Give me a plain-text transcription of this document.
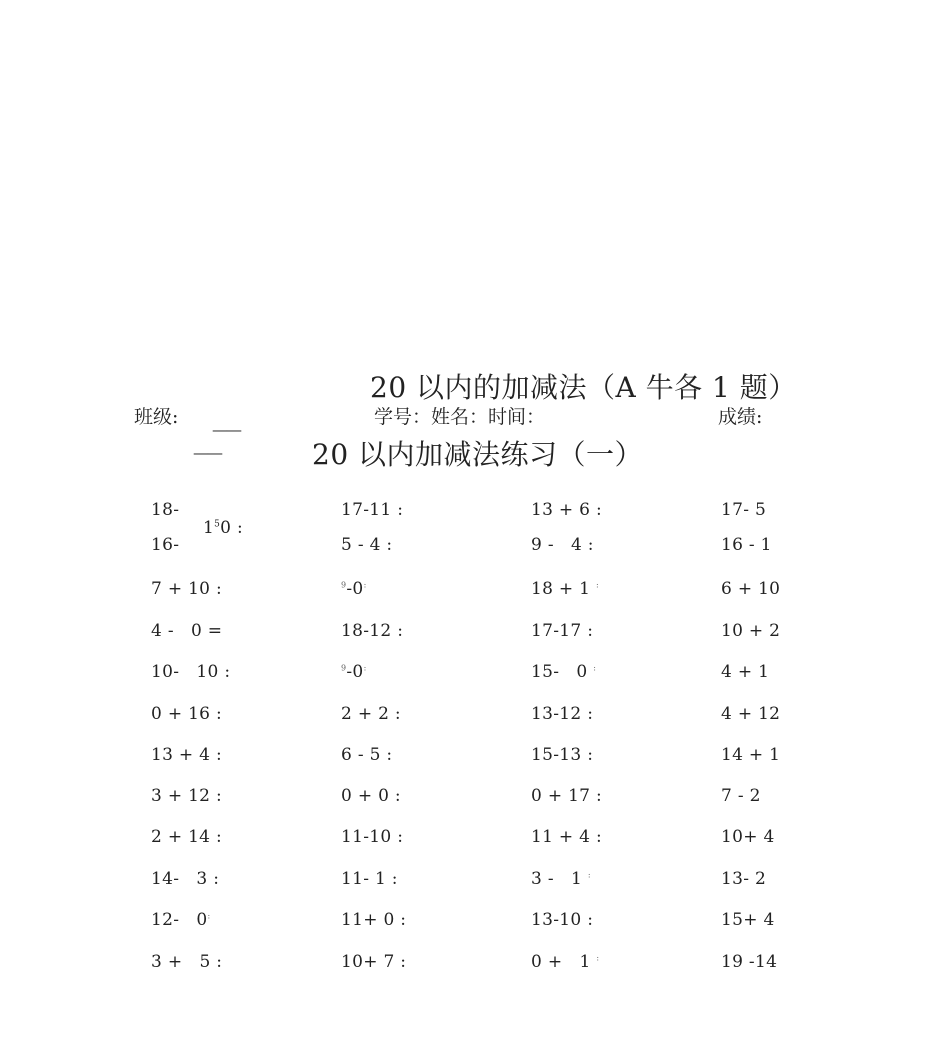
20 以内的加减法（A 牛各 1 题）
班级:
——
学号：姓名：时间：	成绩:
——	20 以内加减法练习（一）
18-
$1^50$ :
16-
7 + 10 :
4 -   0 =
10-   10 :
0 + 16 :
13 + 4 :
3 + 12 :
2 + 14 :
14-   3 :
12-   0:
3 +   5 :
17-11 :
5 - 4 :
$^9$-0:
18-12 :
$^9$-0:
2 + 2 :
6 - 5 :
0 + 0 :
11-10 :
11- 1 :
11+ 0 :
10+ 7 :
13 + 6 :
9 -   4 :
18 + 1 :
17-17 :
15-   0 :
13-12 :
15-13 :
0 + 17 :
11 + 4 :
3 -   1 :
13-10 :
0 +   1 :
17- 5
16 - 1
6 + 10
10 + 2
4 + 1
4 + 12
14 + 1
7 - 2
10+ 4
13- 2
15+ 4
19 -14
